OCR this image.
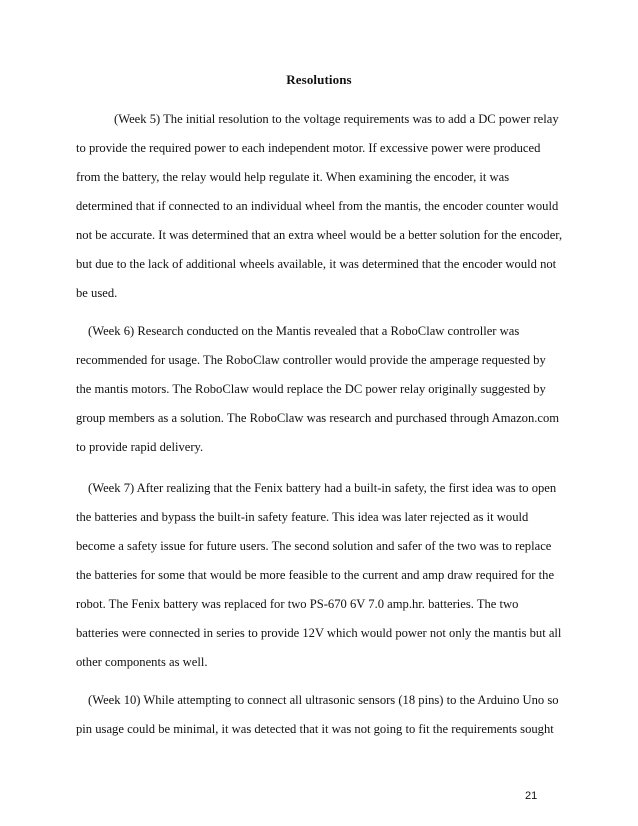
Resolutions
(Week 5) The initial resolution to the voltage requirements was to add a DC power relay
to provide the required power to each independent motor. If excessive power were produced
from the battery, the relay would help regulate it. When examining the encoder, it was
determined that if connected to an individual wheel from the mantis, the encoder counter would
not be accurate. It was determined that an extra wheel would be a better solution for the encoder,
but due to the lack of additional wheels available, it was determined that the encoder would not
be used.
(Week 6) Research conducted on the Mantis revealed that a RoboClaw controller was
recommended for usage. The RoboClaw controller would provide the amperage requested by
the mantis motors. The RoboClaw would replace the DC power relay originally suggested by
group members as a solution. The RoboClaw was research and purchased through Amazon.com
to provide rapid delivery.
(Week 7) After realizing that the Fenix battery had a built-in safety, the first idea was to open
the batteries and bypass the built-in safety feature. This idea was later rejected as it would
become a safety issue for future users. The second solution and safer of the two was to replace
the batteries for some that would be more feasible to the current and amp draw required for the
robot. The Fenix battery was replaced for two PS-670 6V 7.0 amp.hr. batteries. The two
batteries were connected in series to provide 12V which would power not only the mantis but all
other components as well.
(Week 10) While attempting to connect all ultrasonic sensors (18 pins) to the Arduino Uno so
pin usage could be minimal, it was detected that it was not going to fit the requirements sought
21
